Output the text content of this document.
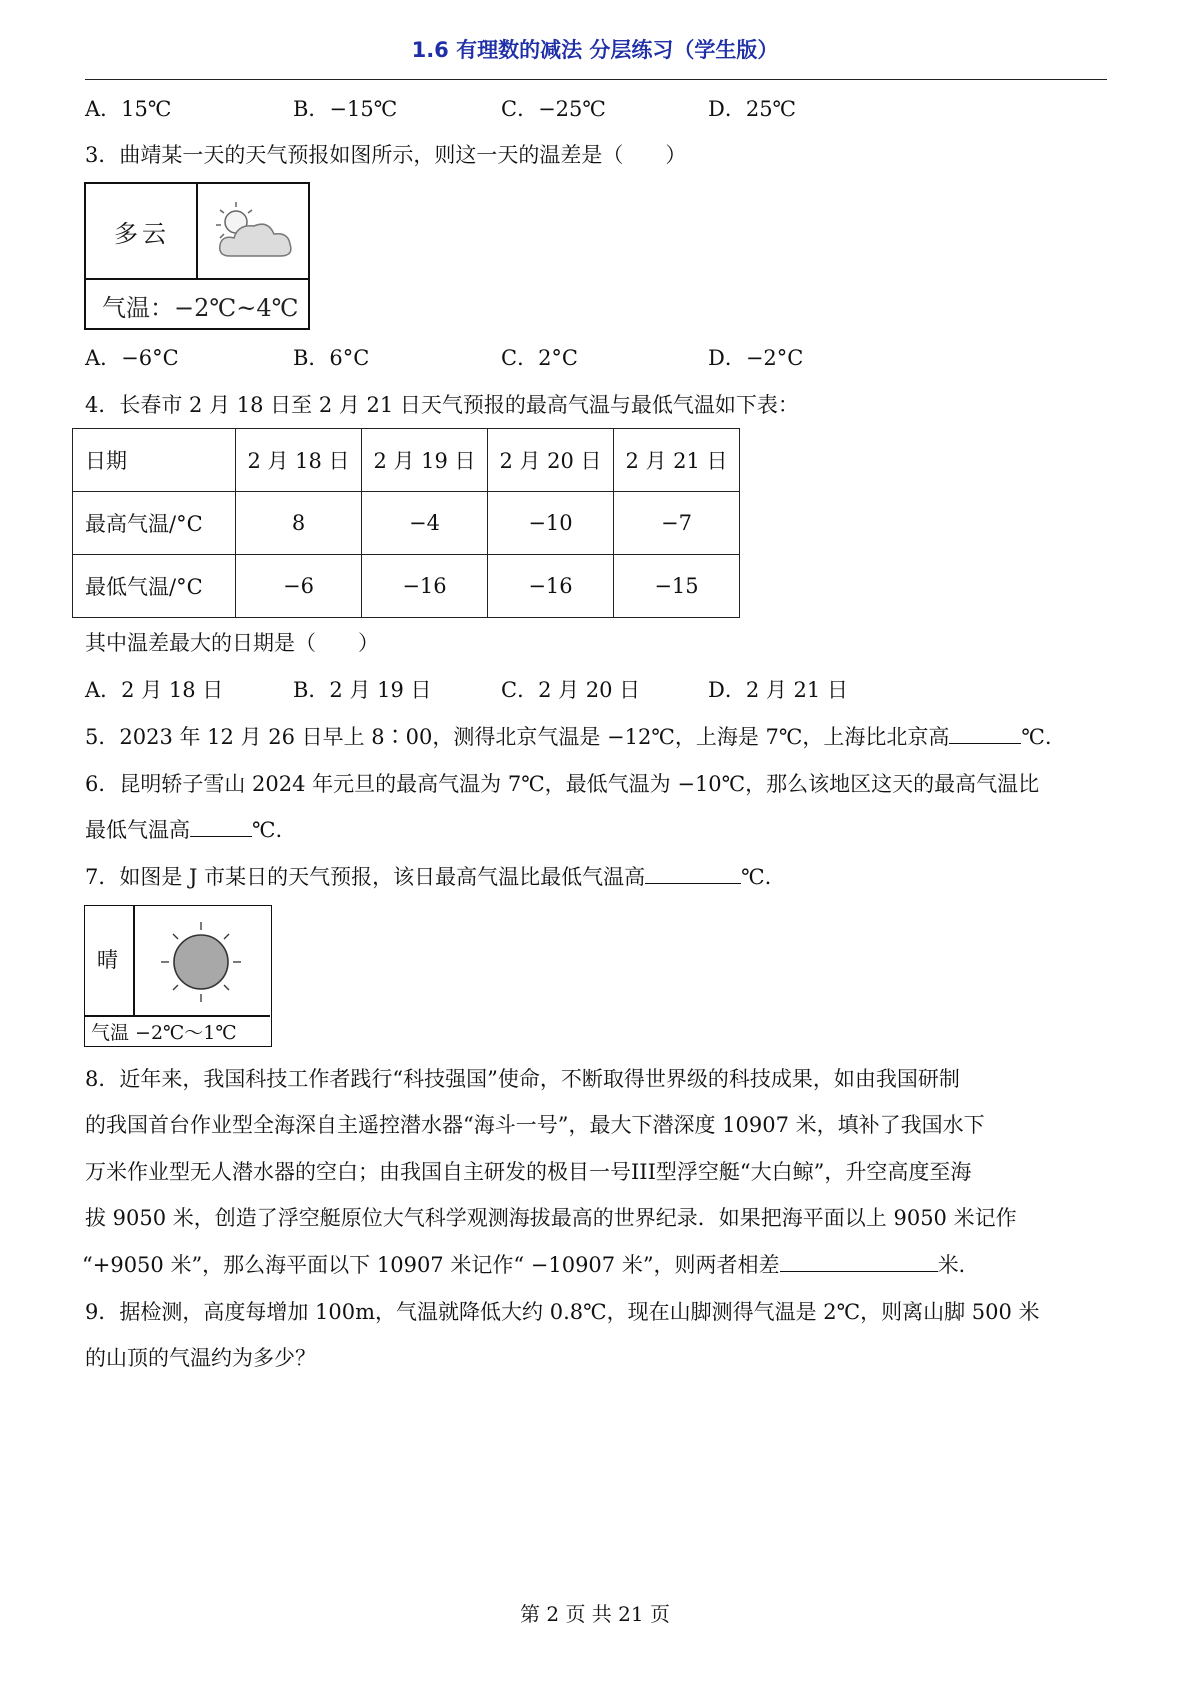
1.6 有理数的减法 分层练习（学生版）
A．15℃	B．−15℃	C．−25℃	D．25℃
3．曲靖某一天的天气预报如图所示，则这一天的温差是（　　）
多云
气温：−2℃~4℃
A．−6°C	B．6°C	C．2°C	D．−2°C
4．长春市 2 月 18 日至 2 月 21 日天气预报的最高气温与最低气温如下表：
日期	2 月 18 日	2 月 19 日	2 月 20 日	2 月 21 日
最高气温/°C	8	−4	−10	−7
最低气温/°C	−6	−16	−16	−15
其中温差最大的日期是（　　）
A．2 月 18 日	B．2 月 19 日	C．2 月 20 日	D．2 月 21 日
5．2023 年 12 月 26 日早上 8∶00，测得北京气温是 −12℃，上海是 7℃，上海比北京高	℃.
6．昆明轿子雪山 2024 年元旦的最高气温为 7℃，最低气温为 −10℃，那么该地区这天的最高气温比
最低气温高	℃.
7．如图是 J 市某日的天气预报，该日最高气温比最低气温高	℃.
晴
气温 −2℃～1℃
8．近年来，我国科技工作者践行“科技强国”使命，不断取得世界级的科技成果，如由我国研制
的我国首台作业型全海深自主遥控潜水器“海斗一号”，最大下潜深度 10907 米，填补了我国水下
万米作业型无人潜水器的空白；由我国自主研发的极目一号III型浮空艇“大白鲸”，升空高度至海
拔 9050 米，创造了浮空艇原位大气科学观测海拔最高的世界纪录．如果把海平面以上 9050 米记作
“+9050 米”，那么海平面以下 10907 米记作“ −10907 米”，则两者相差	米.
9．据检测，高度每增加 100m，气温就降低大约 0.8℃，现在山脚测得气温是 2℃，则离山脚 500 米
的山顶的气温约为多少？
第 2 页 共 21 页
